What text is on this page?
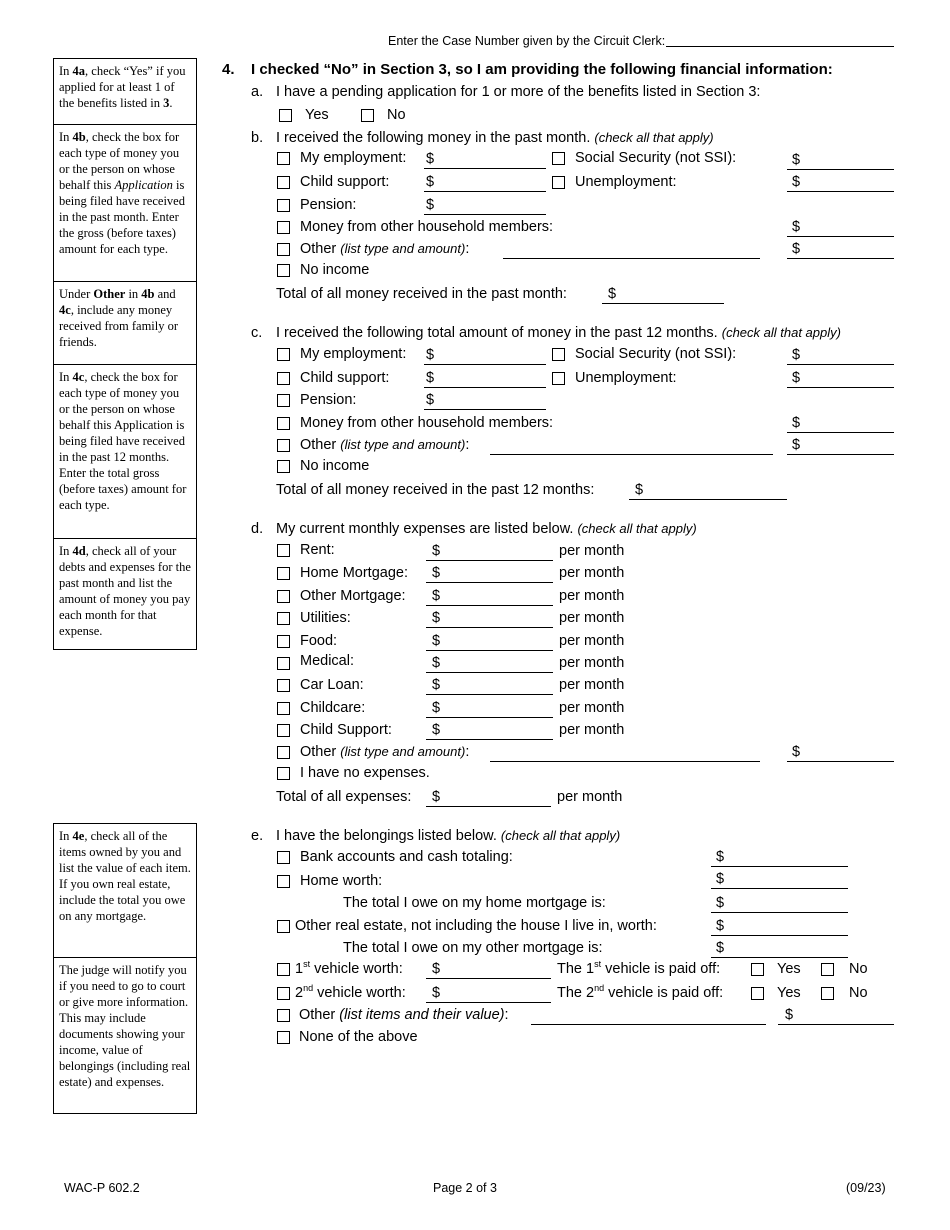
Enter the Case Number given by the Circuit Clerk:
In 4a, check “Yes” if you applied for at least 1 of the benefits listed in 3.
In 4b, check the box for each type of money you or the person on whose behalf this Application is being filed have received in the past month. Enter the gross (before taxes) amount for each type.
Under Other in 4b and 4c, include any money received from family or friends.
In 4c, check the box for each type of money you or the person on whose behalf this Application is being filed have received in the past 12 months. Enter the total gross (before taxes) amount for each type.
In 4d, check all of your debts and expenses for the past month and list the amount of money you pay each month for that expense.
In 4e, check all of the items owned by you and list the value of each item. If you own real estate, include the total you owe on any mortgage.
The judge will notify you if you need to go to court or give more information. This may include documents showing your income, value of belongings (including real estate) and expenses.
4. I checked “No” in Section 3, so I am providing the following financial information:
a. I have a pending application for 1 or more of the benefits listed in Section 3:
Yes	No
b. I received the following money in the past month. (check all that apply)
My employment: $	Social Security (not SSI):	$
Child support:	$	Unemployment:	$
Pension:	$
Money from other household members:	$
Other (list type and amount):	$
No income
Total of all money received in the past month:	$
c. I received the following total amount of money in the past 12 months. (check all that apply)
My employment: $	Social Security (not SSI):	$
Child support:	$	Unemployment:	$
Pension:	$
Money from other household members:	$
Other (list type and amount):	$
No income
Total of all money received in the past 12 months:	$
d. My current monthly expenses are listed below. (check all that apply)
Rent:	$	per month
Home Mortgage: $	per month
Other Mortgage: $	per month
Utilities:	$	per month
Food:	$	per month
Medical:	$	per month
Car Loan:	$	per month
Childcare:	$	per month
Child Support:	$	per month
Other (list type and amount):	$
I have no expenses.
Total of all expenses: $	per month
e. I have the belongings listed below. (check all that apply)
Bank accounts and cash totaling:	$
Home worth:	$
The total I owe on my home mortgage is:	$
Other real estate, not including the house I live in, worth:	$
The total I owe on my other mortgage is:	$
1st vehicle worth: $	The 1st vehicle is paid off:	Yes	No
2nd vehicle worth: $	The 2nd vehicle is paid off:	Yes	No
Other (list items and their value):	$
None of the above
WAC-P 602.2	Page 2 of 3	(09/23)
